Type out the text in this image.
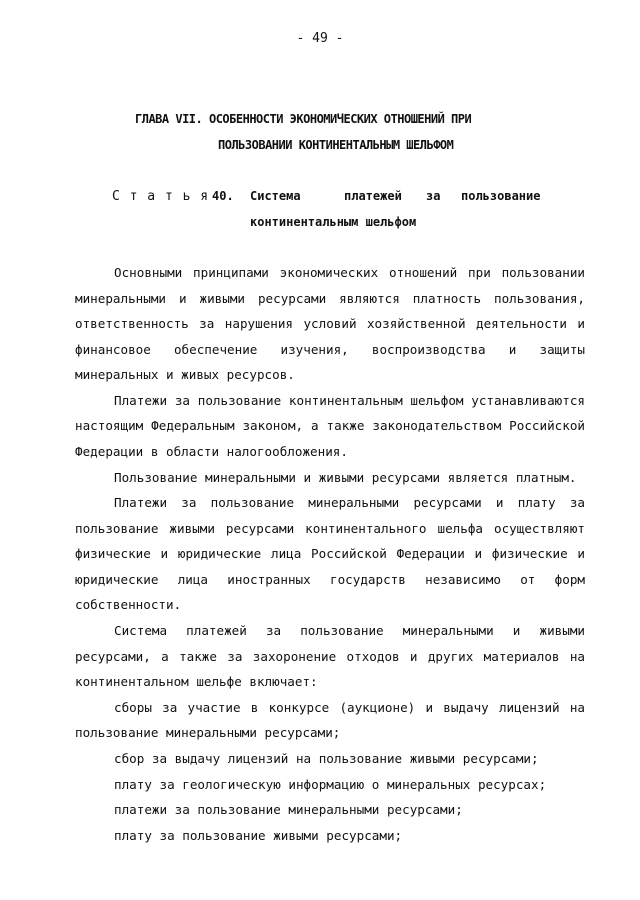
- 49 -
ГЛАВА VII. ОСОБЕННОСТИ ЭКОНОМИЧЕСКИХ ОТНОШЕНИЙ ПРИ
ПОЛЬЗОВАНИИ КОНТИНЕНТАЛЬНЫМ ШЕЛЬФОМ
С т а т ь я 40. Система	платежей за пользование
континентальным шельфом
Основными принципами экономических отношений при пользовании
минеральными и живыми ресурсами являются платность пользования,
ответственность за нарушения условий хозяйственной деятельности и
финансовое обеспечение изучения, воспроизводства и защиты
минеральных и живых ресурсов.
Платежи за пользование континентальным шельфом устанавливаются
настоящим Федеральным законом, а также законодательством Российской
Федерации в области налогообложения.
Пользование минеральными и живыми ресурсами является платным.
Платежи за пользование минеральными ресурсами и плату за
пользование живыми ресурсами континентального шельфа осуществляют
физические и юридические лица Российской Федерации и физические и
юридические лица иностранных государств независимо от форм
собственности.
Система платежей за пользование минеральными и живыми
ресурсами, а также за захоронение отходов и других материалов на
континентальном шельфе включает:
сборы за участие в конкурсе (аукционе) и выдачу лицензий на
пользование минеральными ресурсами;
сбор за выдачу лицензий на пользование живыми ресурсами;
плату за геологическую информацию о минеральных ресурсах;
платежи за пользование минеральными ресурсами;
плату за пользование живыми ресурсами;
